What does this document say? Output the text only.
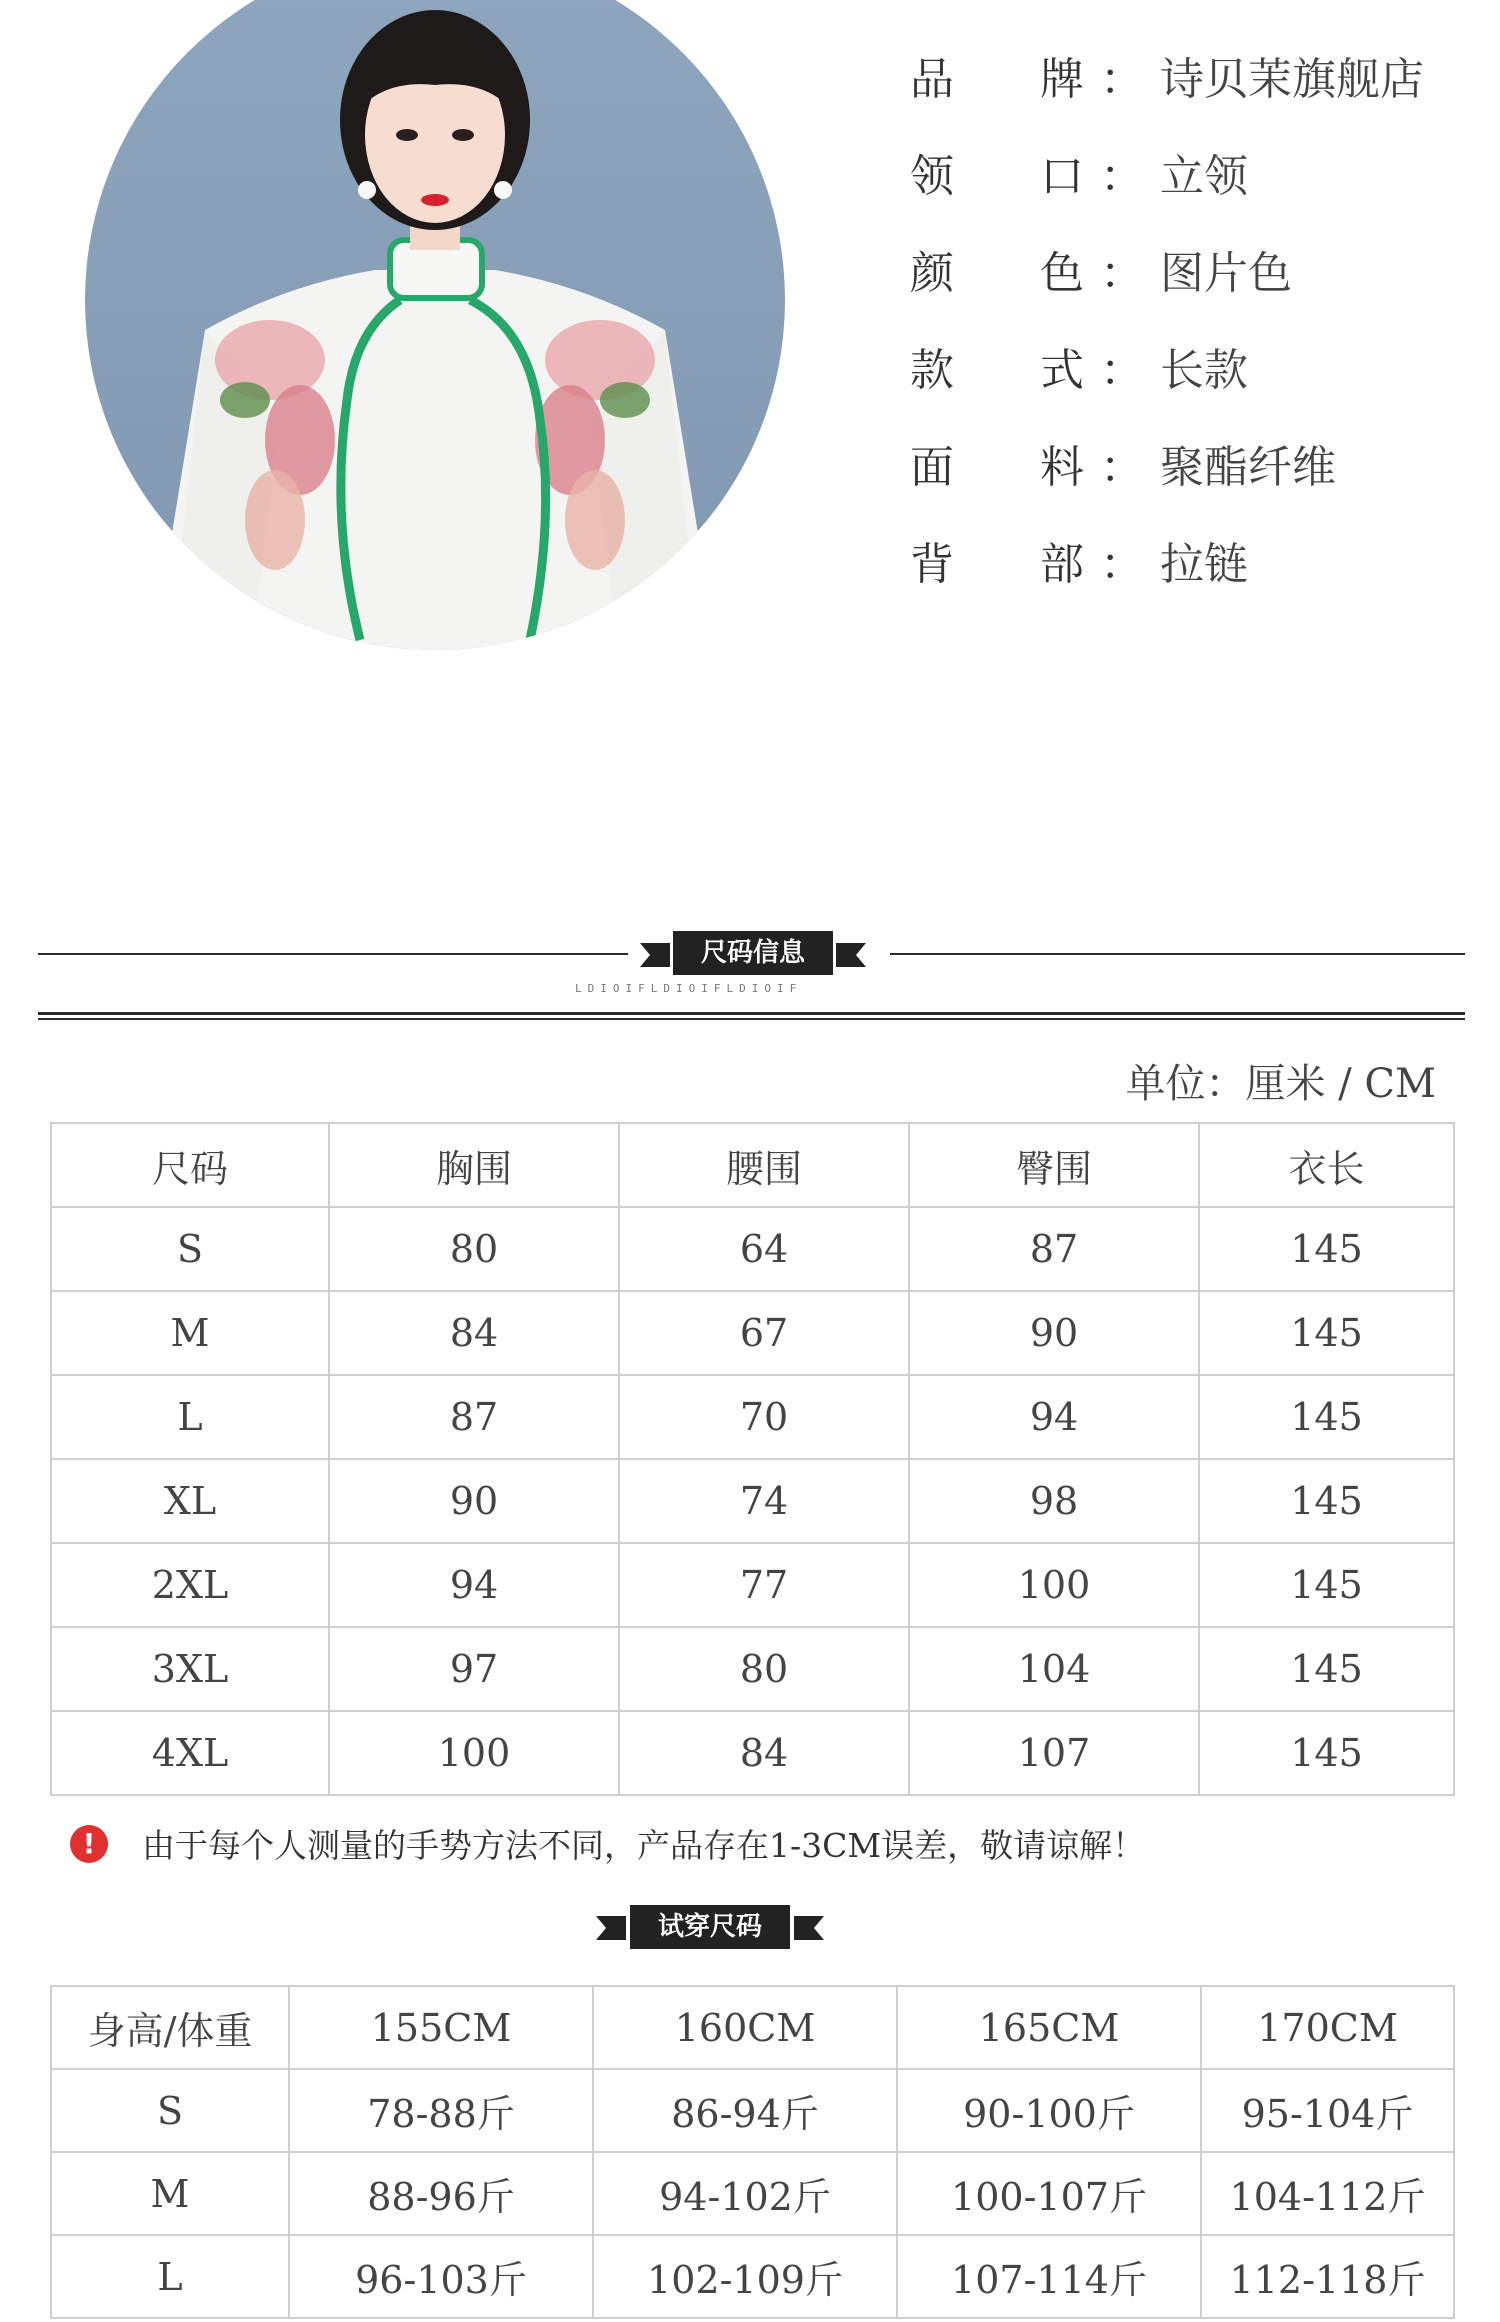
品	牌 ： 诗贝茉旗舰店
领	口 ： 立领
颜	色 ： 图片色
款	式 ： 长款
面	料 ： 聚酯纤维
背	部 ： 拉链
尺码信息
LDIOIFLDIOIFLDIOIF
单位：厘米 / CM
尺码	胸围	腰围	臀围	衣长
S	80	64	87	145
M	84	67	90	145
L	87	70	94	145
XL	90	74	98	145
2XL	94	77	100	145
3XL	97	80	104	145
4XL	100	84	107	145
!	由于每个人测量的手势方法不同，产品存在1-3CM误差，敬请谅解！
试穿尺码
身高/体重	155CM	160CM	165CM	170CM
S	78-88斤	86-94斤	90-100斤	95-104斤
M	88-96斤	94-102斤	100-107斤	104-112斤
L	96-103斤	102-109斤	107-114斤	112-118斤
